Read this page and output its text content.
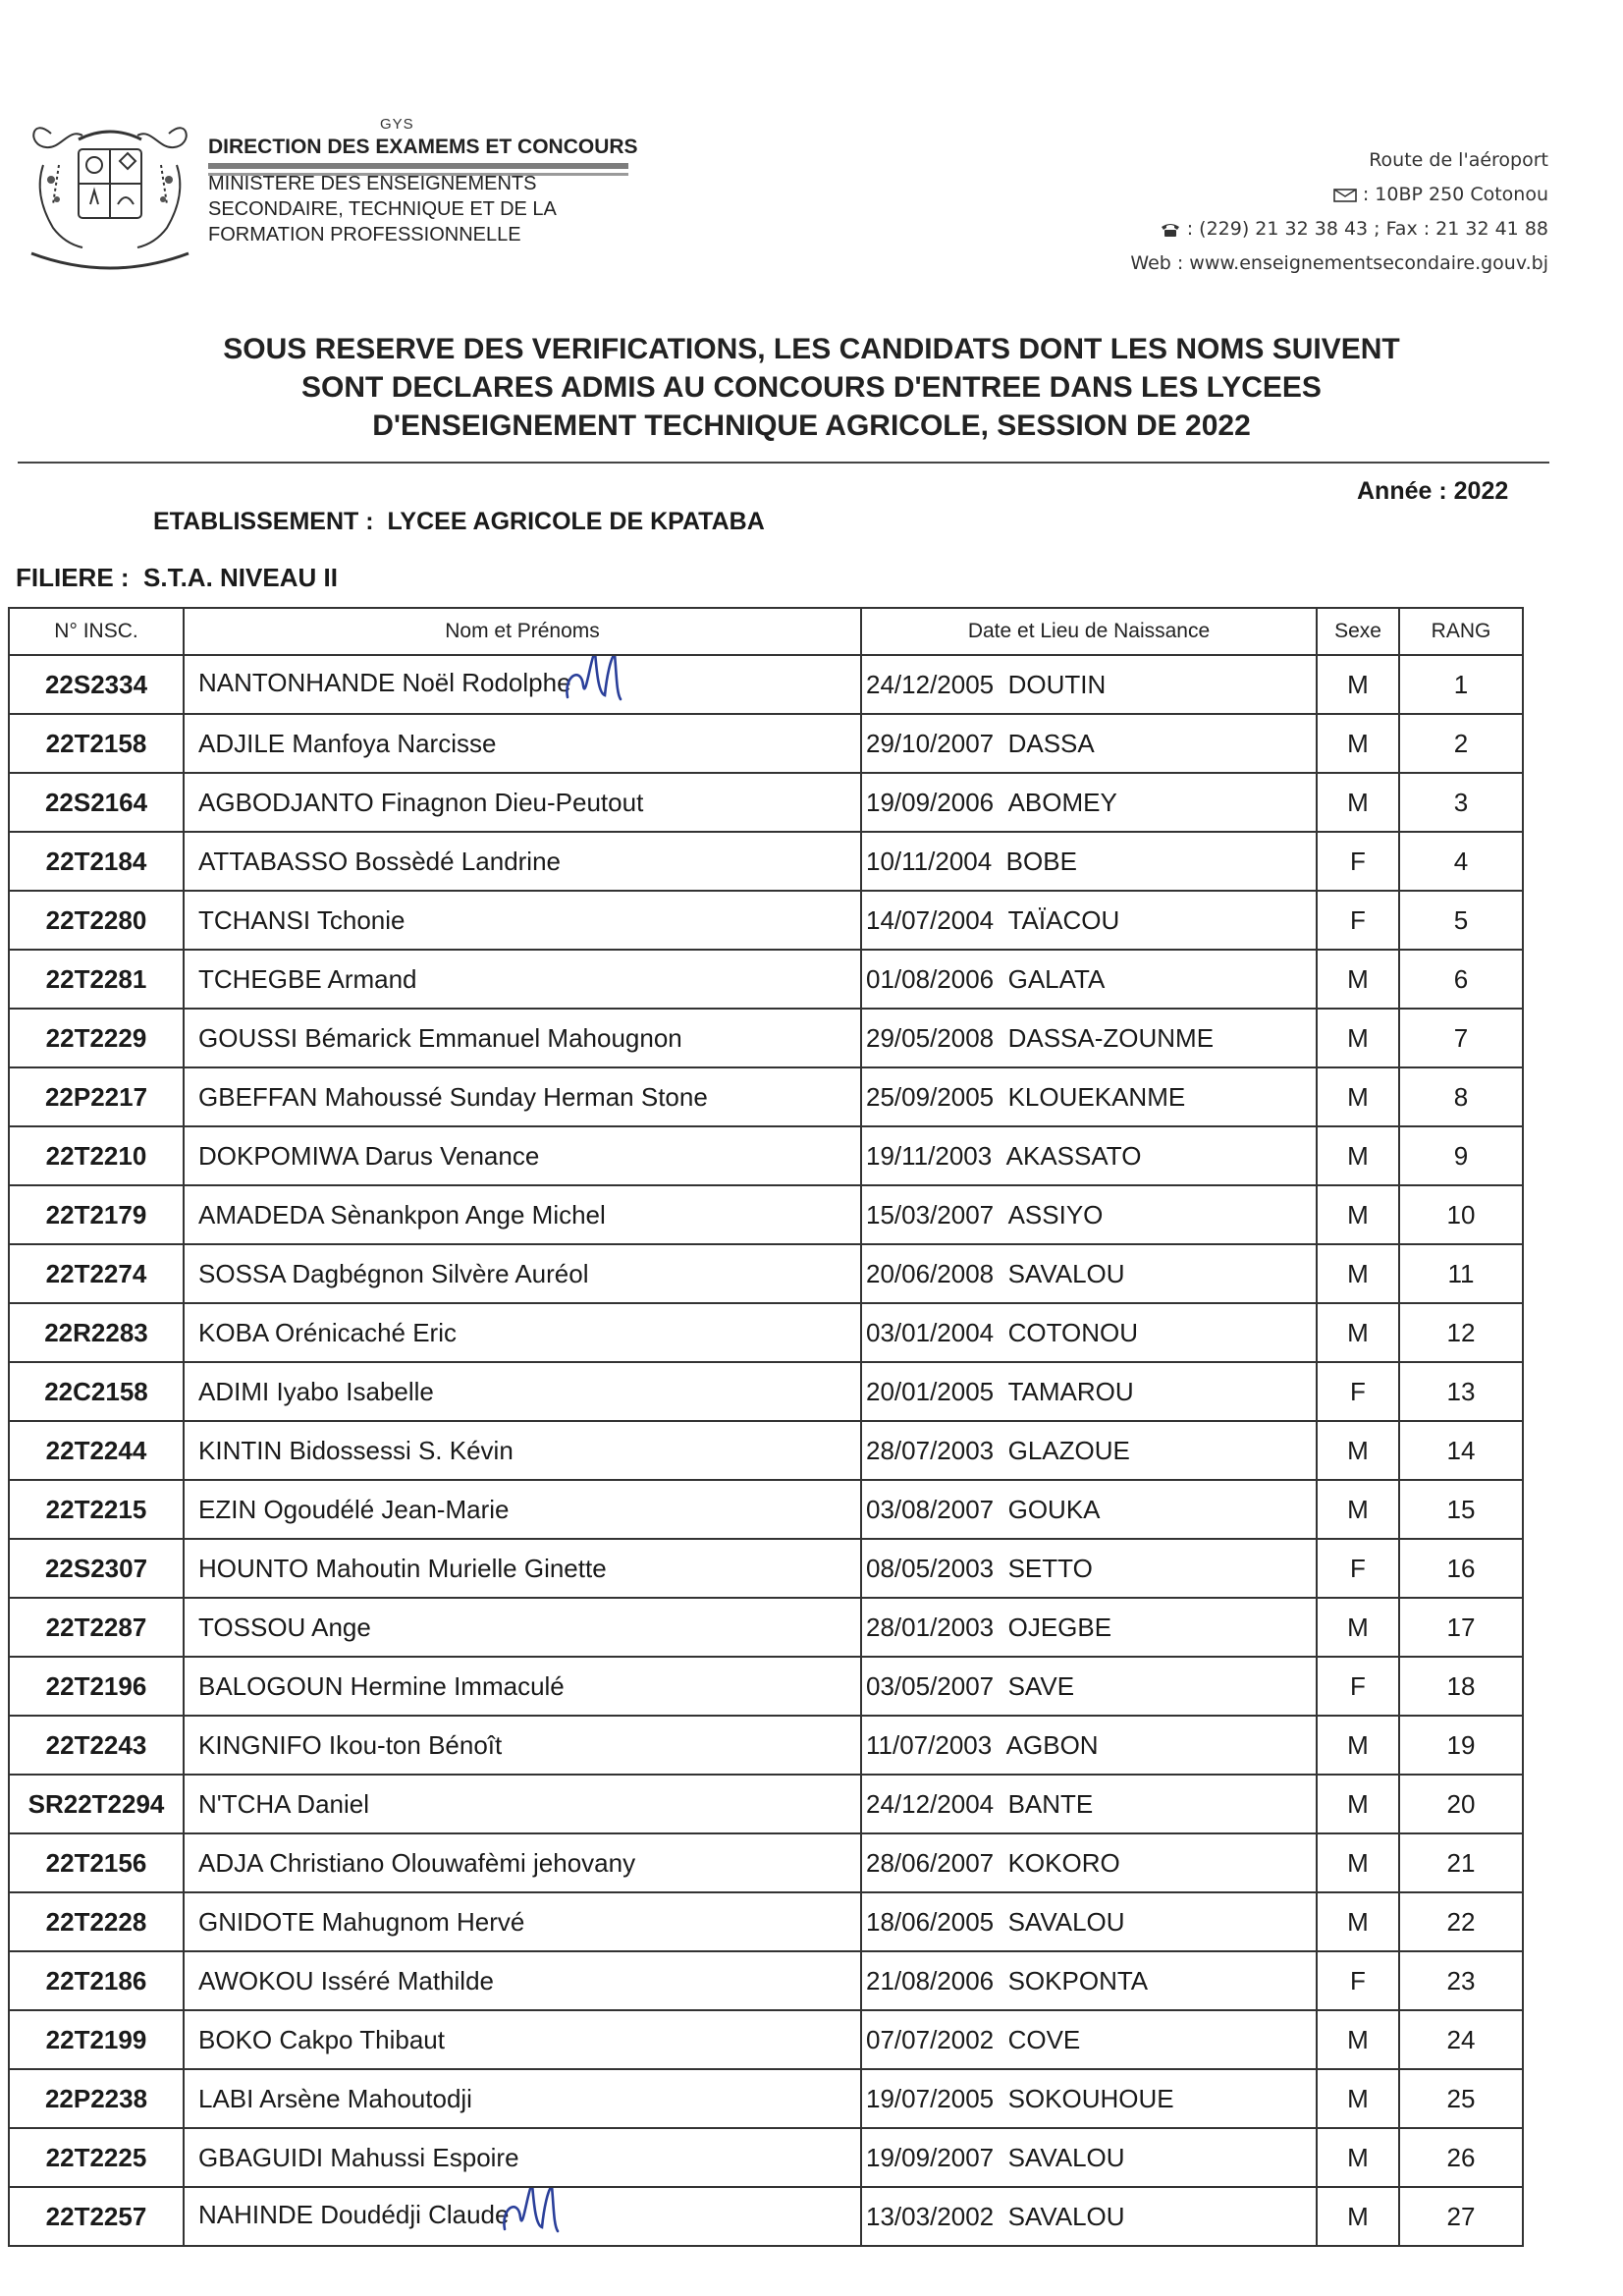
GYS
DIRECTION DES EXAMEMS ET CONCOURS
MINISTERE DES ENSEIGNEMENTS
SECONDAIRE, TECHNIQUE ET DE LA
FORMATION PROFESSIONNELLE
Route de l'aéroport
: 10BP 250 Cotonou
: (229) 21 32 38 43 ; Fax : 21 32 41 88
Web : www.enseignementsecondaire.gouv.bj
SOUS RESERVE DES VERIFICATIONS, LES CANDIDATS DONT LES NOMS SUIVENT
SONT DECLARES ADMIS AU CONCOURS D'ENTREE DANS LES LYCEES
D'ENSEIGNEMENT TECHNIQUE AGRICOLE, SESSION DE 2022
Année : 2022
ETABLISSEMENT : LYCEE AGRICOLE DE KPATABA
FILIERE : S.T.A. NIVEAU II
N° INSC.	Nom et Prénoms	Date et Lieu de Naissance	Sexe	RANG
22S2334	NANTONHANDE Noël Rodolphe	24/12/2005 DOUTIN	M	1
22T2158	ADJILE Manfoya Narcisse	29/10/2007 DASSA	M	2
22S2164	AGBODJANTO Finagnon Dieu-Peutout	19/09/2006 ABOMEY	M	3
22T2184	ATTABASSO Bossèdé Landrine	10/11/2004 BOBE	F	4
22T2280	TCHANSI Tchonie	14/07/2004 TAÏACOU	F	5
22T2281	TCHEGBE Armand	01/08/2006 GALATA	M	6
22T2229	GOUSSI Bémarick Emmanuel Mahougnon	29/05/2008 DASSA-ZOUNME	M	7
22P2217	GBEFFAN Mahoussé Sunday Herman Stone	25/09/2005 KLOUEKANME	M	8
22T2210	DOKPOMIWA Darus Venance	19/11/2003 AKASSATO	M	9
22T2179	AMADEDA Sènankpon Ange Michel	15/03/2007 ASSIYO	M	10
22T2274	SOSSA Dagbégnon Silvère Auréol	20/06/2008 SAVALOU	M	11
22R2283	KOBA Orénicaché Eric	03/01/2004 COTONOU	M	12
22C2158	ADIMI Iyabo Isabelle	20/01/2005 TAMAROU	F	13
22T2244	KINTIN Bidossessi S. Kévin	28/07/2003 GLAZOUE	M	14
22T2215	EZIN Ogoudélé Jean-Marie	03/08/2007 GOUKA	M	15
22S2307	HOUNTO Mahoutin Murielle Ginette	08/05/2003 SETTO	F	16
22T2287	TOSSOU Ange	28/01/2003 OJEGBE	M	17
22T2196	BALOGOUN Hermine Immaculé	03/05/2007 SAVE	F	18
22T2243	KINGNIFO Ikou-ton Bénoît	11/07/2003 AGBON	M	19
SR22T2294	N'TCHA Daniel	24/12/2004 BANTE	M	20
22T2156	ADJA Christiano Olouwafèmi jehovany	28/06/2007 KOKORO	M	21
22T2228	GNIDOTE Mahugnom Hervé	18/06/2005 SAVALOU	M	22
22T2186	AWOKOU Isséré Mathilde	21/08/2006 SOKPONTA	F	23
22T2199	BOKO Cakpo Thibaut	07/07/2002 COVE	M	24
22P2238	LABI Arsène Mahoutodji	19/07/2005 SOKOUHOUE	M	25
22T2225	GBAGUIDI Mahussi Espoire	19/09/2007 SAVALOU	M	26
22T2257	NAHINDE Doudédji Claude	13/03/2002 SAVALOU	M	27
